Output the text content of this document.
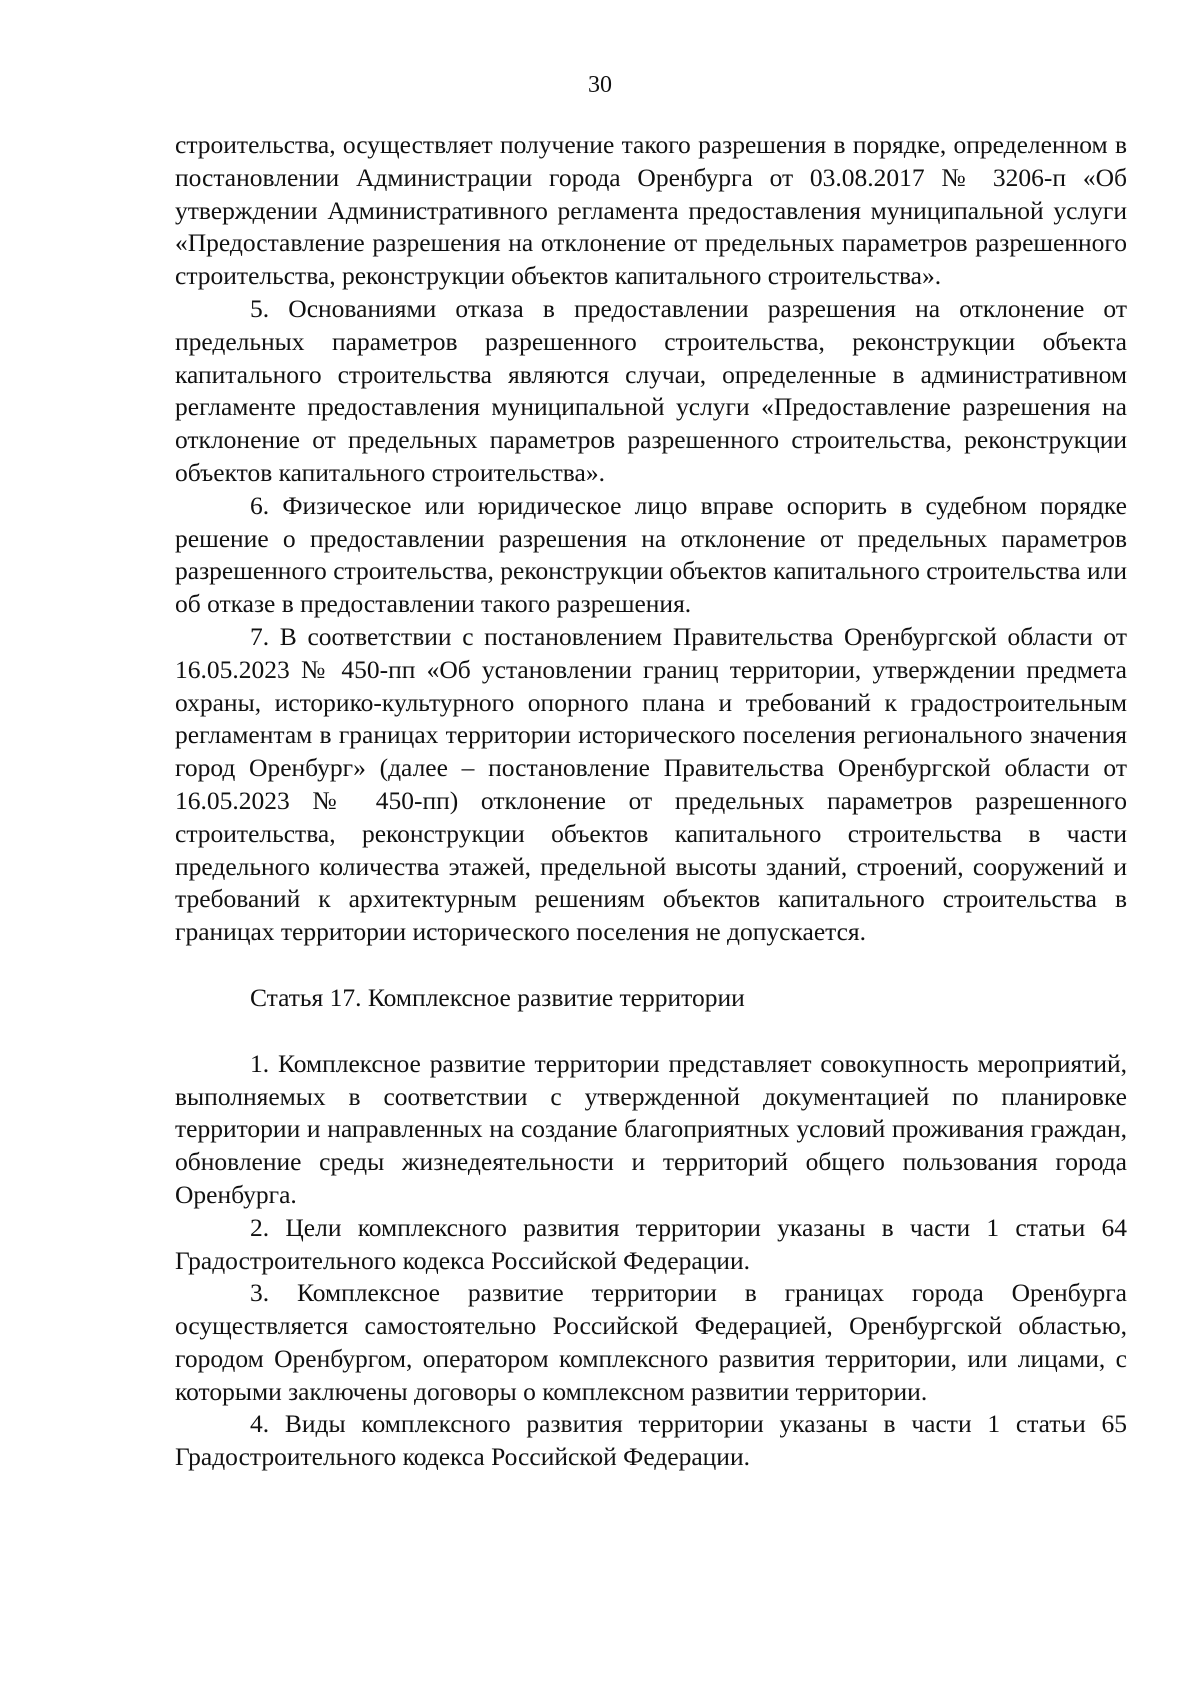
30

строительства, осуществляет получение такого разрешения в порядке, определенном в постановлении Администрации города Оренбурга от 03.08.2017 № 3206-п «Об утверждении Административного регламента предоставления муниципальной услуги «Предоставление разрешения на отклонение от предельных параметров разрешенного строительства, реконструкции объектов капитального строительства».

5. Основаниями отказа в предоставлении разрешения на отклонение от предельных параметров разрешенного строительства, реконструкции объекта капитального строительства являются случаи, определенные в административном регламенте предоставления муниципальной услуги «Предоставление разрешения на отклонение от предельных параметров разрешенного строительства, реконструкции объектов капитального строительства».

6. Физическое или юридическое лицо вправе оспорить в судебном порядке решение о предоставлении разрешения на отклонение от предельных параметров разрешенного строительства, реконструкции объектов капитального строительства или об отказе в предоставлении такого разрешения.

7. В соответствии с постановлением Правительства Оренбургской области от 16.05.2023 № 450-пп «Об установлении границ территории, утверждении предмета охраны, историко-культурного опорного плана и требований к градостроительным регламентам в границах территории исторического поселения регионального значения город Оренбург» (далее – постановление Правительства Оренбургской области от 16.05.2023 № 450-пп) отклонение от предельных параметров разрешенного строительства, реконструкции объектов капитального строительства в части предельного количества этажей, предельной высоты зданий, строений, сооружений и требований к архитектурным решениям объектов капитального строительства в границах территории исторического поселения не допускается.

Статья 17. Комплексное развитие территории

1. Комплексное развитие территории представляет совокупность мероприятий, выполняемых в соответствии с утвержденной документацией по планировке территории и направленных на создание благоприятных условий проживания граждан, обновление среды жизнедеятельности и территорий общего пользования города Оренбурга.

2. Цели комплексного развития территории указаны в части 1 статьи 64 Градостроительного кодекса Российской Федерации.

3. Комплексное развитие территории в границах города Оренбурга осуществляется самостоятельно Российской Федерацией, Оренбургской областью, городом Оренбургом, оператором комплексного развития территории, или лицами, с которыми заключены договоры о комплексном развитии территории.

4. Виды комплексного развития территории указаны в части 1 статьи 65 Градостроительного кодекса Российской Федерации.
